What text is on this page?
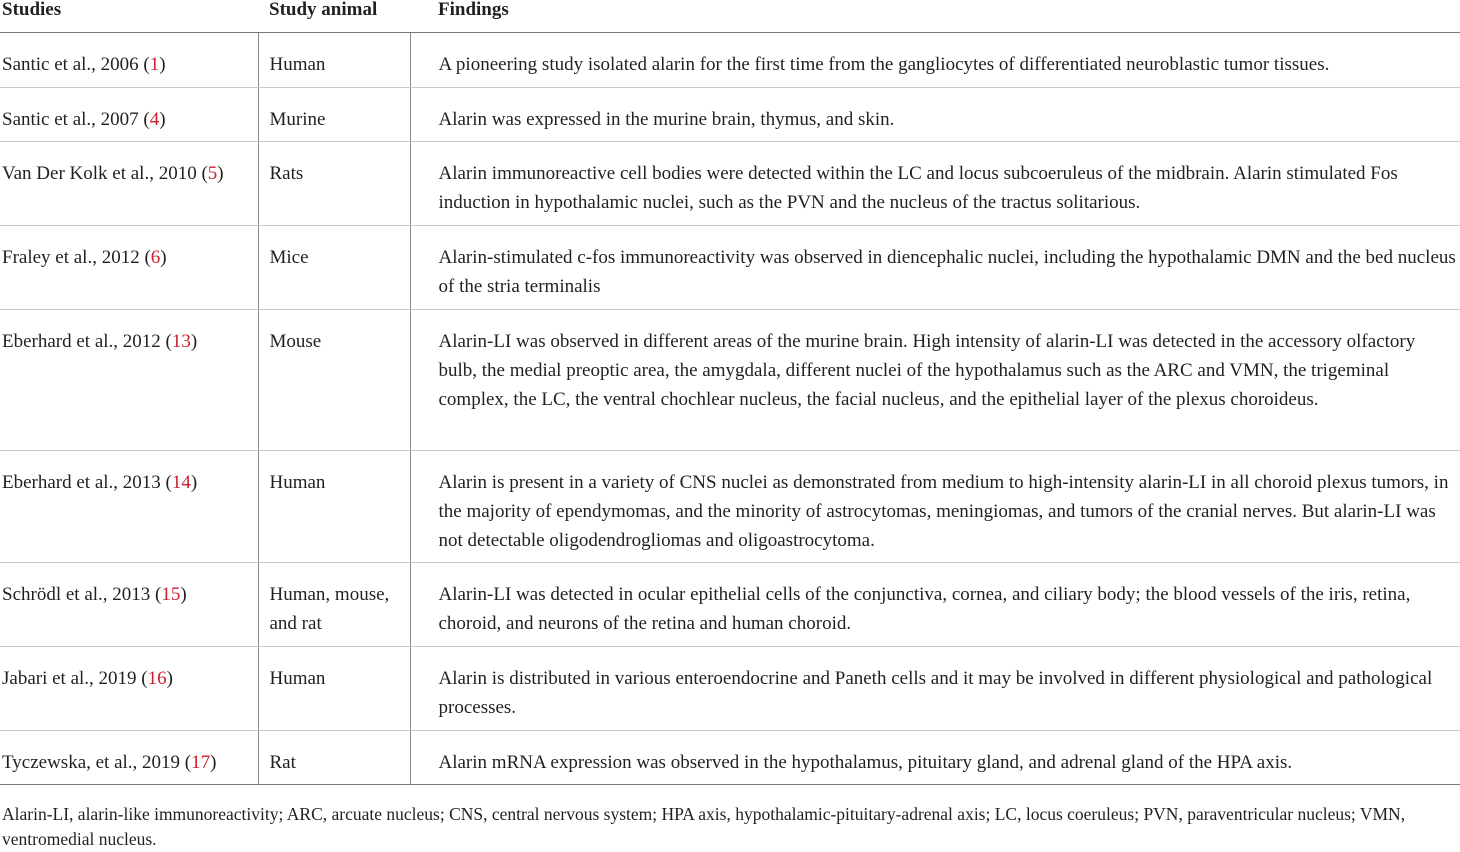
Studies	Study animal	Findings

Santic et al., 2006 (1)	Human	A pioneering study isolated alarin for the first time from the gangliocytes of differentiated neuroblastic tumor tissues.

Santic et al., 2007 (4)	Murine	Alarin was expressed in the murine brain, thymus, and skin.

Van Der Kolk et al., 2010 (5)	Rats	Alarin immunoreactive cell bodies were detected within the LC and locus subcoeruleus of the midbrain. Alarin stimulated Fos induction in hypothalamic nuclei, such as the PVN and the nucleus of the tractus solitarious.

Fraley et al., 2012 (6)	Mice	Alarin-stimulated c-fos immunoreactivity was observed in diencephalic nuclei, including the hypothalamic DMN and the bed nucleus of the stria terminalis

Eberhard et al., 2012 (13)	Mouse	Alarin-LI was observed in different areas of the murine brain. High intensity of alarin-LI was detected in the accessory olfactory bulb, the medial preoptic area, the amygdala, different nuclei of the hypothalamus such as the ARC and VMN, the trigeminal complex, the LC, the ventral chochlear nucleus, the facial nucleus, and the epithelial layer of the plexus choroideus.

Eberhard et al., 2013 (14)	Human	Alarin is present in a variety of CNS nuclei as demonstrated from medium to high-intensity alarin-LI in all choroid plexus tumors, in the majority of ependymomas, and the minority of astrocytomas, meningiomas, and tumors of the cranial nerves. But alarin-LI was not detectable oligodendrogliomas and oligoastrocytoma.

Schrödl et al., 2013 (15)	Human, mouse, and rat	Alarin-LI was detected in ocular epithelial cells of the conjunctiva, cornea, and ciliary body; the blood vessels of the iris, retina, choroid, and neurons of the retina and human choroid.

Jabari et al., 2019 (16)	Human	Alarin is distributed in various enteroendocrine and Paneth cells and it may be involved in different physiological and pathological processes.

Tyczewska, et al., 2019 (17)	Rat	Alarin mRNA expression was observed in the hypothalamus, pituitary gland, and adrenal gland of the HPA axis.
Alarin-LI, alarin-like immunoreactivity; ARC, arcuate nucleus; CNS, central nervous system; HPA axis, hypothalamic-pituitary-adrenal axis; LC, locus coeruleus; PVN, paraventricular nucleus; VMN, ventromedial nucleus.
